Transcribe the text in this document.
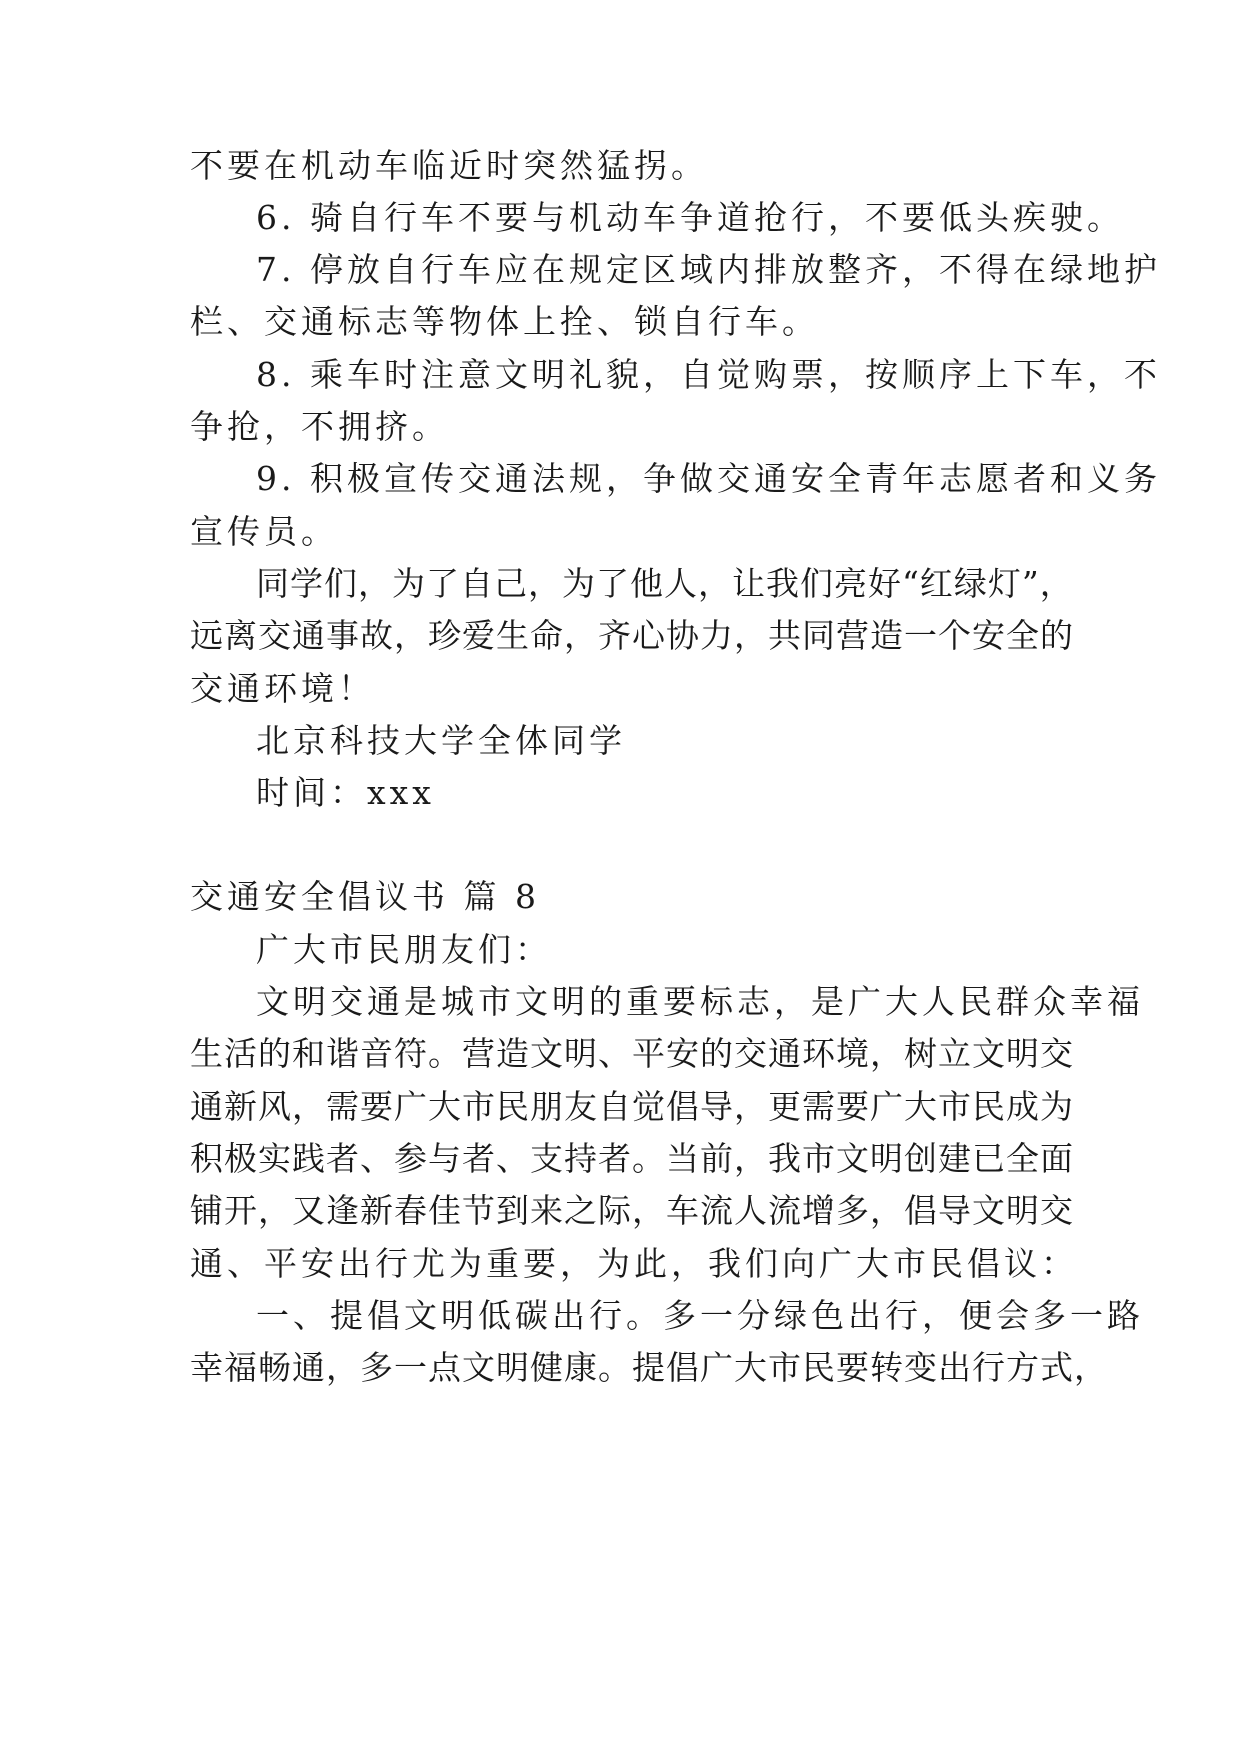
不要在机动车临近时突然猛拐。
6. 骑自行车不要与机动车争道抢行，不要低头疾驶。
7. 停放自行车应在规定区域内排放整齐，不得在绿地护
栏、交通标志等物体上拴、锁自行车。
8. 乘车时注意文明礼貌，自觉购票，按顺序上下车，不
争抢，不拥挤。
9. 积极宣传交通法规，争做交通安全青年志愿者和义务
宣传员。
同学们，为了自己，为了他人，让我们亮好“红绿灯”，
远离交通事故，珍爱生命，齐心协力，共同营造一个安全的
交通环境！
北京科技大学全体同学
时间：xxx
交通安全倡议书 篇 8
广大市民朋友们：
文明交通是城市文明的重要标志，是广大人民群众幸福
生活的和谐音符。营造文明、平安的交通环境，树立文明交
通新风，需要广大市民朋友自觉倡导，更需要广大市民成为
积极实践者、参与者、支持者。当前，我市文明创建已全面
铺开，又逢新春佳节到来之际，车流人流增多，倡导文明交
通、平安出行尤为重要，为此，我们向广大市民倡议：
一、提倡文明低碳出行。多一分绿色出行，便会多一路
幸福畅通，多一点文明健康。提倡广大市民要转变出行方式，
